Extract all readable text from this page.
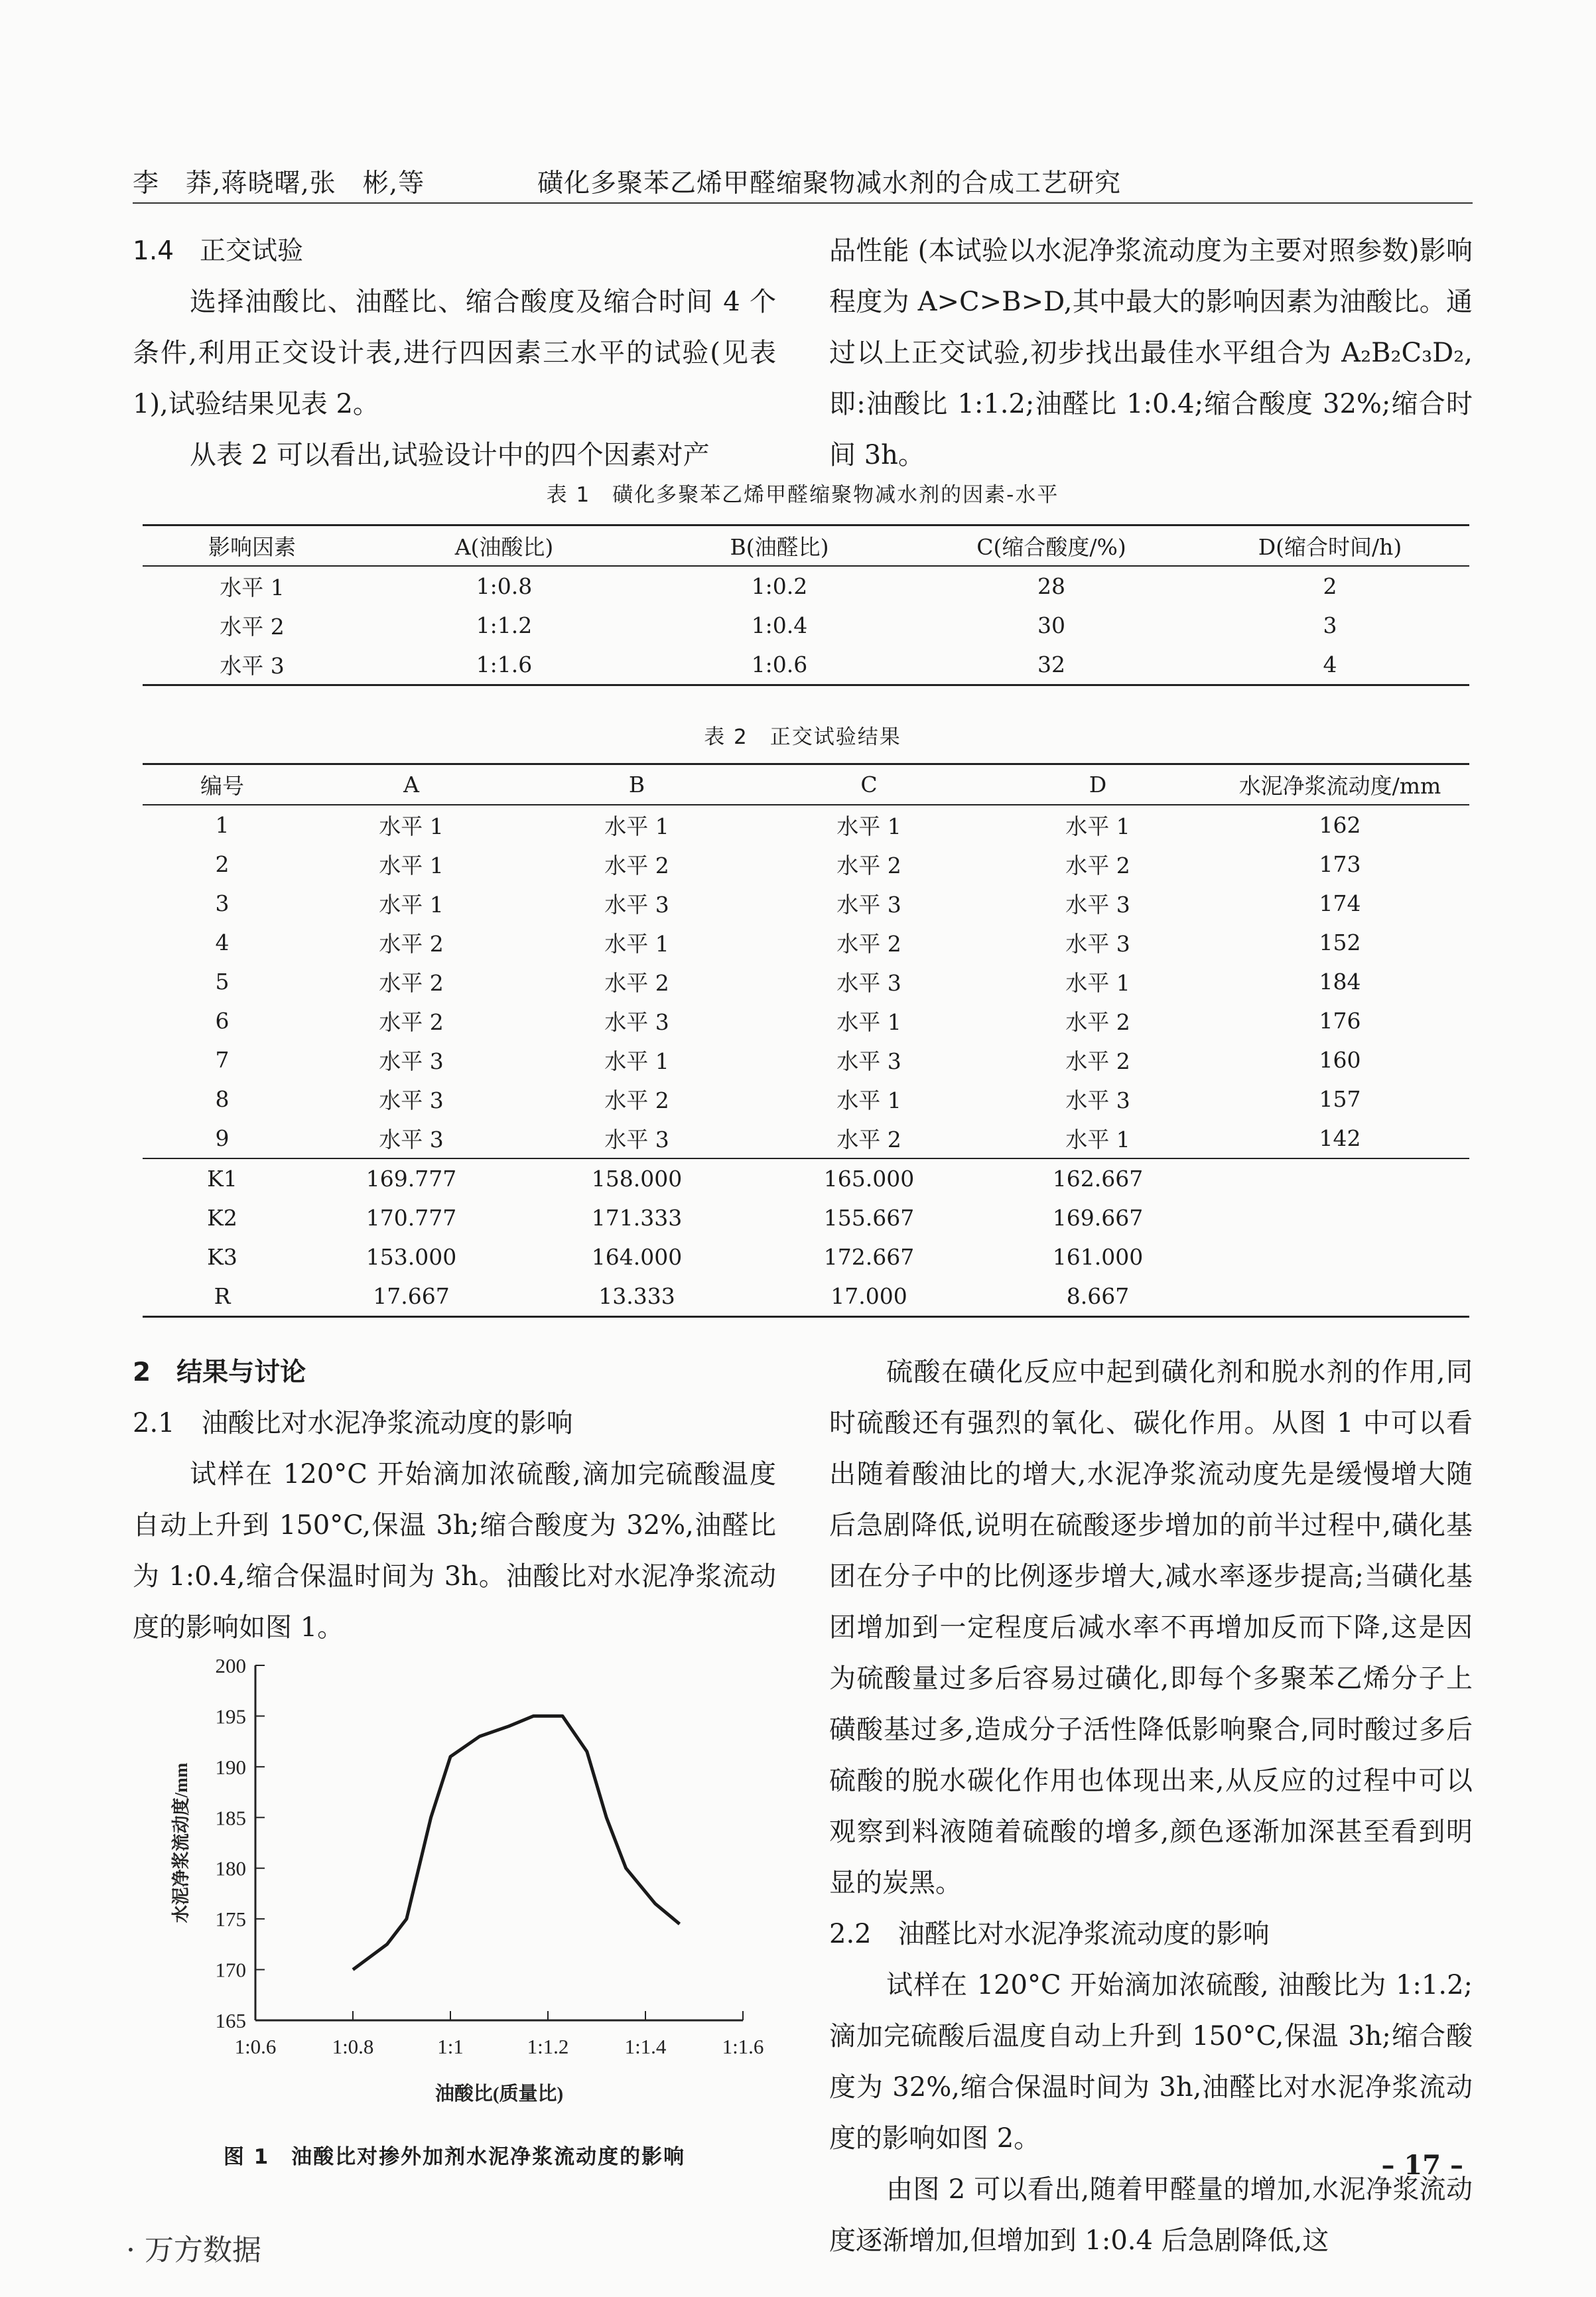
李　莽,蒋晓曙,张　彬,等	磺化多聚苯乙烯甲醛缩聚物减水剂的合成工艺研究

1.4　正交试验

选择油酸比、油醛比、缩合酸度及缩合时间 4 个条件,利用正交设计表,进行四因素三水平的试验(见表 1),试验结果见表 2。

从表 2 可以看出,试验设计中的四个因素对产

品性能 (本试验以水泥净浆流动度为主要对照参数)影响程度为 A>C>B>D,其中最大的影响因素为油酸比。通过以上正交试验,初步找出最佳水平组合为 A₂B₂C₃D₂,即:油酸比 1:1.2;油醛比 1:0.4;缩合酸度 32%;缩合时间 3h。

表 1　磺化多聚苯乙烯甲醛缩聚物减水剂的因素-水平
影响因素	A(油酸比)	B(油醛比)	C(缩合酸度/%)	D(缩合时间/h)
水平 1	1:0.8	1:0.2	28	2
水平 2	1:1.2	1:0.4	30	3
水平 3	1:1.6	1:0.6	32	4
表 2　正交试验结果
编号	A	B	C	D	水泥净浆流动度/mm
1	水平 1	水平 1	水平 1	水平 1	162
2	水平 1	水平 2	水平 2	水平 2	173
3	水平 1	水平 3	水平 3	水平 3	174
4	水平 2	水平 1	水平 2	水平 3	152
5	水平 2	水平 2	水平 3	水平 1	184
6	水平 2	水平 3	水平 1	水平 2	176
7	水平 3	水平 1	水平 3	水平 2	160
8	水平 3	水平 2	水平 1	水平 3	157
9	水平 3	水平 3	水平 2	水平 1	142
K1	169.777	158.000	165.000	162.667	
K2	170.777	171.333	155.667	169.667	
K3	153.000	164.000	172.667	161.000	
R	17.667	13.333	17.000	8.667	

2　结果与讨论

2.1　油酸比对水泥净浆流动度的影响

试样在 120°C 开始滴加浓硫酸,滴加完硫酸温度自动上升到 150°C,保温 3h;缩合酸度为 32%,油醛比为 1:0.4,缩合保温时间为 3h。油酸比对水泥净浆流动度的影响如图 1。

165
170
175
180
185
190
195
200
1:0.6	1:0.8	1:1	1:1.2	1:1.4	1:1.6
油酸比(质量比)
水泥净浆流动度/mm
图 1　油酸比对掺外加剂水泥净浆流动度的影响

硫酸在磺化反应中起到磺化剂和脱水剂的作用,同时硫酸还有强烈的氧化、碳化作用。从图 1 中可以看出随着酸油比的增大,水泥净浆流动度先是缓慢增大随后急剧降低,说明在硫酸逐步增加的前半过程中,磺化基团在分子中的比例逐步增大,减水率逐步提高;当磺化基团增加到一定程度后减水率不再增加反而下降,这是因为硫酸量过多后容易过磺化,即每个多聚苯乙烯分子上磺酸基过多,造成分子活性降低影响聚合,同时酸过多后硫酸的脱水碳化作用也体现出来,从反应的过程中可以观察到料液随着硫酸的增多,颜色逐渐加深甚至看到明显的炭黑。

2.2　油醛比对水泥净浆流动度的影响

试样在 120°C 开始滴加浓硫酸, 油酸比为 1:1.2;滴加完硫酸后温度自动上升到 150°C,保温 3h;缩合酸度为 32%,缩合保温时间为 3h,油醛比对水泥净浆流动度的影响如图 2。

由图 2 可以看出,随着甲醛量的增加,水泥净浆流动度逐渐增加,但增加到 1:0.4 后急剧降低,这

– 17 –
· 万方数据
